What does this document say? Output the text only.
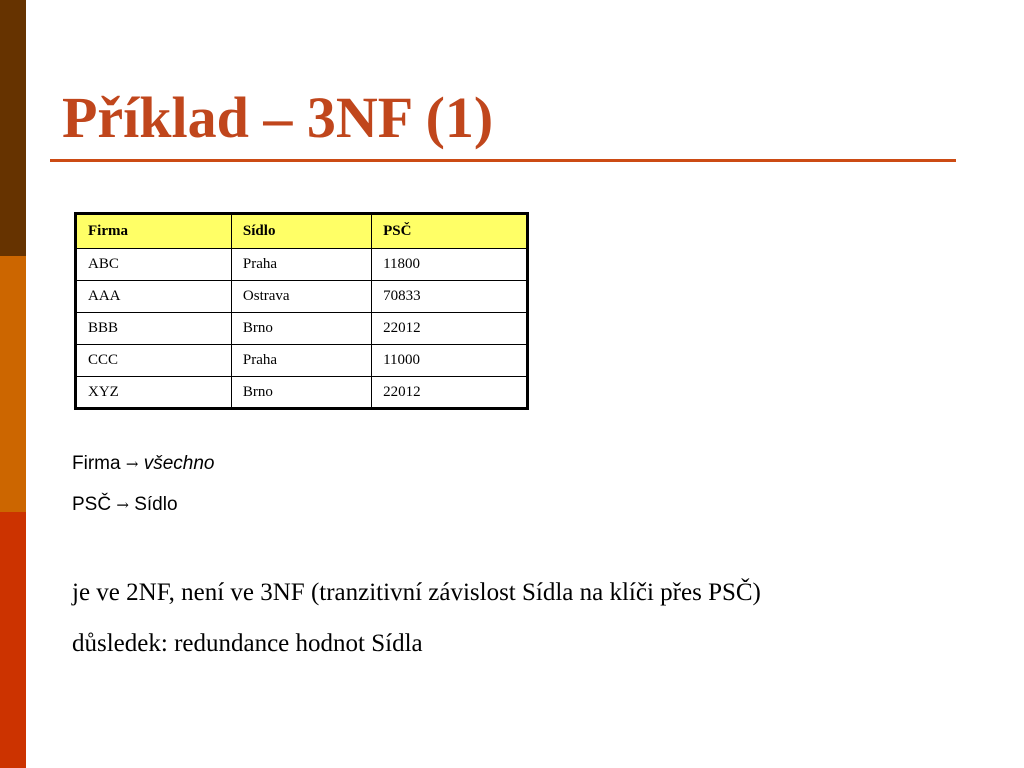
Příklad – 3NF (1)
Firma	Sídlo	PSČ
ABC	Praha	11800
AAA	Ostrava	70833
BBB	Brno	22012
CCC	Praha	11000
XYZ	Brno	22012
Firma → všechno
PSČ → Sídlo
je ve 2NF, není ve 3NF (tranzitivní závislost Sídla na klíči přes PSČ)
důsledek: redundance hodnot Sídla
